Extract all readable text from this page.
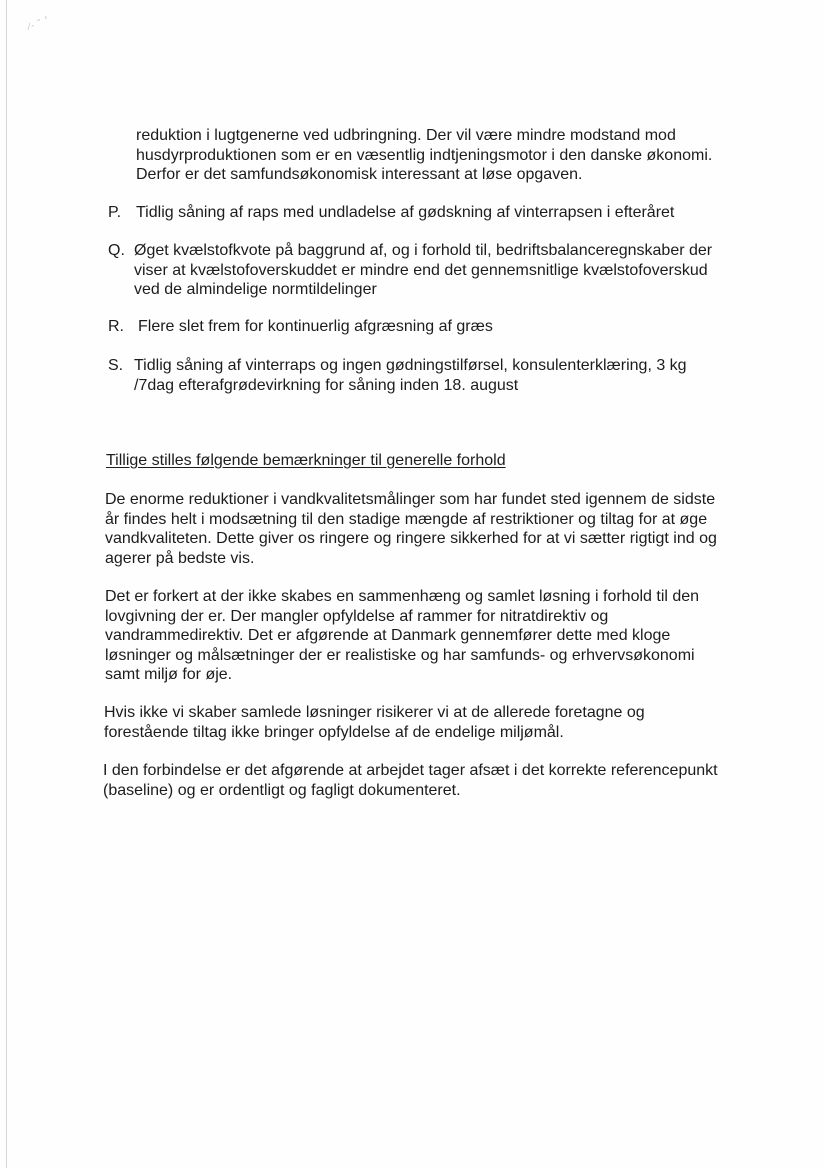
⁄‑ ˜ ׳
reduktion i lugtgenerne ved udbringning. Der vil være mindre modstand mod
husdyrproduktionen som er en væsentlig indtjeningsmotor i den danske økonomi.
Derfor er det samfundsøkonomisk interessant at løse opgaven.
P. Tidlig såning af raps med undladelse af gødskning af vinterrapsen i efteråret
Q. Øget kvælstofkvote på baggrund af, og i forhold til, bedriftsbalanceregnskaber der
viser at kvælstofoverskuddet er mindre end det gennemsnitlige kvælstofoverskud
ved de almindelige normtildelinger
R. Flere slet frem for kontinuerlig afgræsning af græs
S. Tidlig såning af vinterraps og ingen gødningstilførsel, konsulenterklæring, 3 kg
/7dag efterafgrødevirkning for såning inden 18. august
Tillige stilles følgende bemærkninger til generelle forhold
De enorme reduktioner i vandkvalitetsmålinger som har fundet sted igennem de sidste
år findes helt i modsætning til den stadige mængde af restriktioner og tiltag for at øge
vandkvaliteten. Dette giver os ringere og ringere sikkerhed for at vi sætter rigtigt ind og
agerer på bedste vis.
Det er forkert at der ikke skabes en sammenhæng og samlet løsning i forhold til den
lovgivning der er. Der mangler opfyldelse af rammer for nitratdirektiv og
vandrammedirektiv. Det er afgørende at Danmark gennemfører dette med kloge
løsninger og målsætninger der er realistiske og har samfunds- og erhvervsøkonomi
samt miljø for øje.
Hvis ikke vi skaber samlede løsninger risikerer vi at de allerede foretagne og
forestående tiltag ikke bringer opfyldelse af de endelige miljømål.
I den forbindelse er det afgørende at arbejdet tager afsæt i det korrekte referencepunkt
(baseline) og er ordentligt og fagligt dokumenteret.
